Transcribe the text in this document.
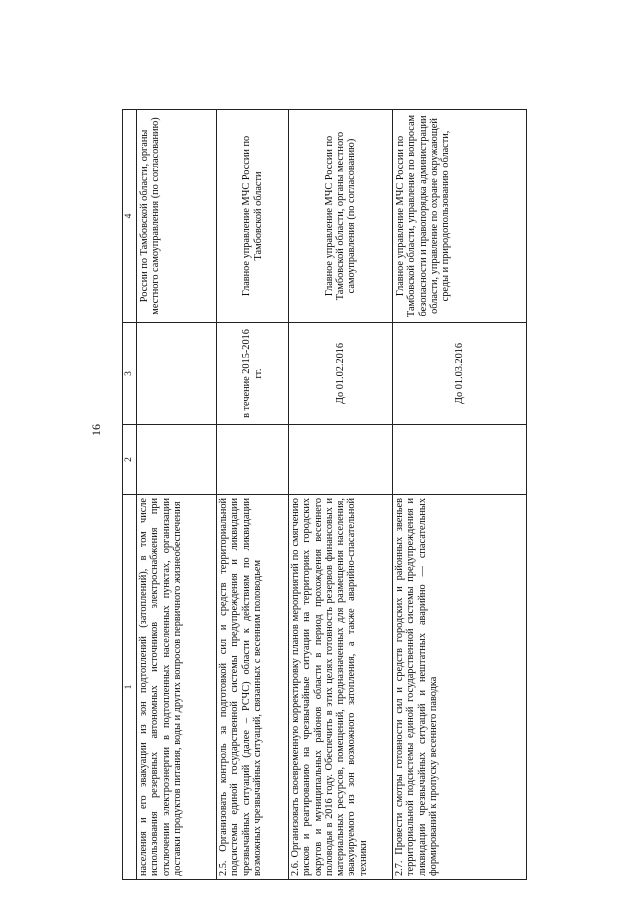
16
1	2	3	4
населения и его эвакуации из зон подтоплений (затоплений), в том числе использования резервных автономных источников электроснабжения при отключении электроэнергии в подтопленных населенных пунктах, организации доставки продуктов питания, воды и других вопросов первичного жизнеобеспечения			России по Тамбовской области, органы местного самоуправления (по согласованию)
2.5. Организовать контроль за подготовкой сил и средств территориальной подсистемы единой государственной системы предупреждения и ликвидации чрезвычайных ситуаций (далее – РСЧС) области к действиям по ликвидации возможных чрезвычайных ситуаций, связанных с весенним половодьем		в течение 2015-2016 гг.	Главное управление МЧС России по Тамбовской области
2.6. Организовать своевременную корректировку планов мероприятий по смягчению рисков и реагированию на чрезвычайные ситуации на территориях городских округов и муниципальных районов области в период прохождения весеннего половодья в 2016 году. Обеспечить в этих целях готовность резервов финансовых и материальных ресурсов, помещений, предназначенных для размещения населения, эвакуируемого из зон возможного затопления, а также аварийно-спасательной техники		До 01.02.2016	Главное управление МЧС России по Тамбовской области, органы местного самоуправления (по согласованию)
2.7. Провести смотры готовности сил и средств городских и районных звеньев территориальной подсистемы единой государственной системы предупреждения и ликвидации чрезвычайных ситуаций и нештатных аварийно — спасательных формирований к пропуску весеннего паводка		До 01.03.2016	Главное управление МЧС России по Тамбовской области, управление по вопросам безопасности и правопорядка администрации области, управление по охране окружающей среды и природопользованию области,
